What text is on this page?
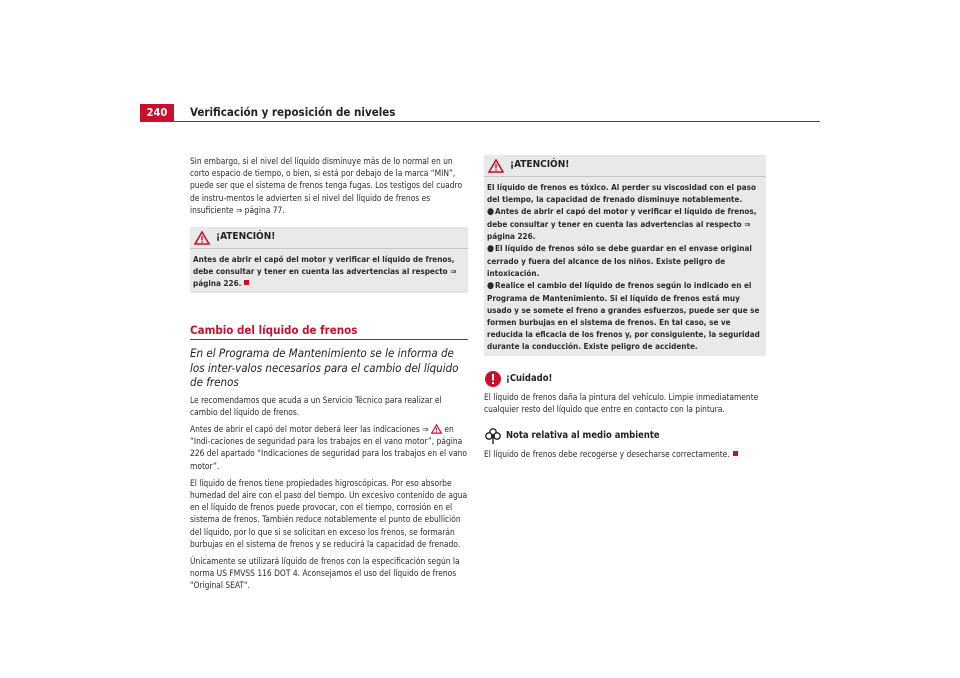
240	Verificación y reposición de niveles

Sin embargo, si el nivel del líquido disminuye más de lo normal en un corto espacio de tiempo, o bien, si está por debajo de la marca “MIN”, puede ser que el sistema de frenos tenga fugas. Los testigos del cuadro de instru-mentos le advierten si el nivel del líquido de frenos es insuficiente ⇒ página 77.

¡ATENCIÓN!
Antes de abrir el capó del motor y verificar el líquido de frenos, debe consultar y tener en cuenta las advertencias al respecto ⇒ página 226.
Cambio del líquido de frenos
En el Programa de Mantenimiento se le informa de los inter-valos necesarios para el cambio del líquido de frenos

Le recomendamos que acuda a un Servicio Técnico para realizar el cambio del líquido de frenos.

Antes de abrir el capó del motor deberá leer las indicaciones ⇒ en “Indi-caciones de seguridad para los trabajos en el vano motor”, página 226 del apartado “Indicaciones de seguridad para los trabajos en el vano motor”.

El líquido de frenos tiene propiedades higroscópicas. Por eso absorbe humedad del aire con el paso del tiempo. Un excesivo contenido de agua en el líquido de frenos puede provocar, con el tiempo, corrosión en el sistema de frenos. También reduce notablemente el punto de ebullición del líquido, por lo que si se solicitan en exceso los frenos, se formarán burbujas en el sistema de frenos y se reducirá la capacidad de frenado.

Únicamente se utilizará líquido de frenos con la especificación según la norma US FMVSS 116 DOT 4. Aconsejamos el uso del líquido de frenos "Original SEAT".

¡ATENCIÓN!

El líquido de frenos es tóxico. Al perder su viscosidad con el paso del tiempo, la capacidad de frenado disminuye notablemente.

●Antes de abrir el capó del motor y verificar el líquido de frenos, debe consultar y tener en cuenta las advertencias al respecto ⇒ página 226.

●El líquido de frenos sólo se debe guardar en el envase original cerrado y fuera del alcance de los niños. Existe peligro de intoxicación.

●Realice el cambio del líquido de frenos según lo indicado en el Programa de Mantenimiento. Si el líquido de frenos está muy usado y se somete el freno a grandes esfuerzos, puede ser que se formen burbujas en el sistema de frenos. En tal caso, se ve reducida la eficacia de los frenos y, por consiguiente, la seguridad durante la conducción. Existe peligro de accidente.

¡Cuidado!

El líquido de frenos daña la pintura del vehículo. Limpie inmediatamente cualquier resto del líquido que entre en contacto con la pintura.

Nota relativa al medio ambiente

El líquido de frenos debe recogerse y desecharse correctamente.
